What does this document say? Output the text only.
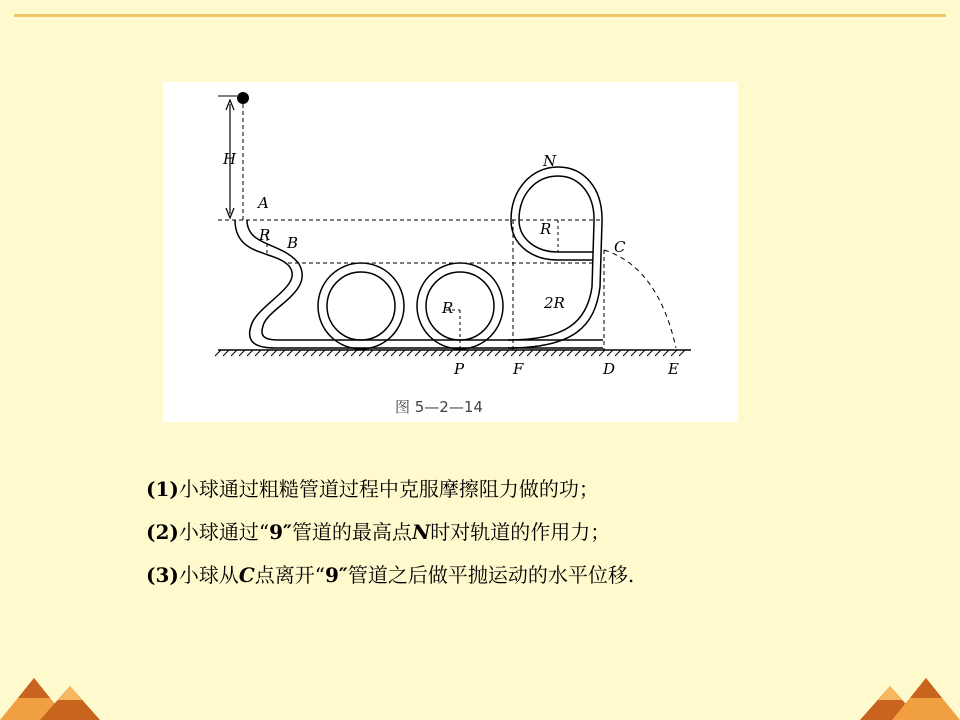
H
A
R B
N
R
C
R	2R
P	F	D	E
图 5—2—14
(1)小球通过粗糙管道过程中克服摩擦阻力做的功；
(2)小球通过“9″管道的最高点N时对轨道的作用力；
(3)小球从C点离开“9″管道之后做平抛运动的水平位移.
